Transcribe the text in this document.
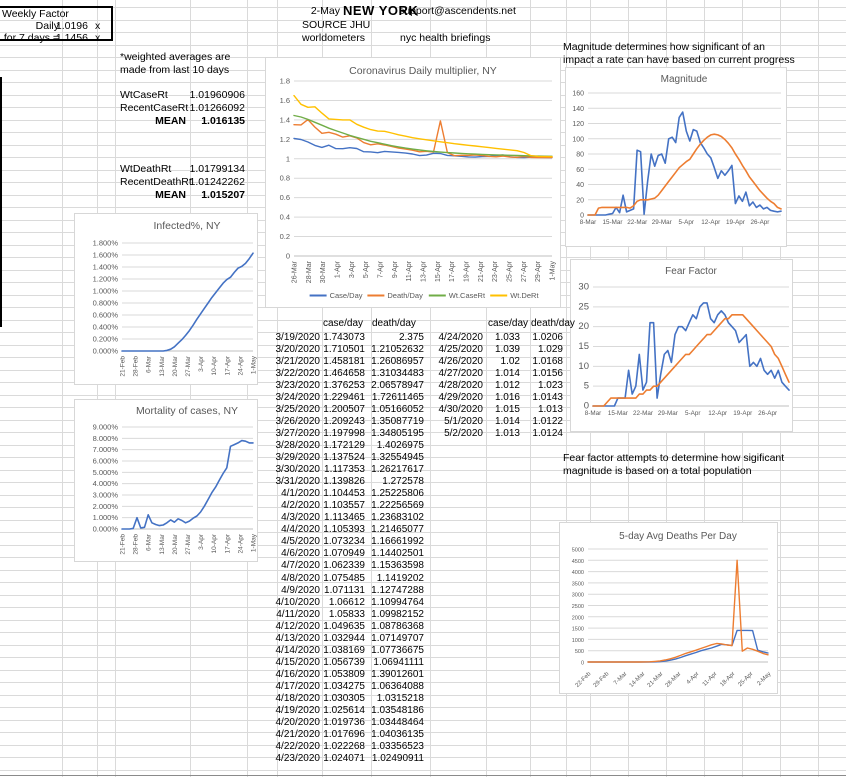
Weekly Factor
Daily
1.0196 x
for 7 days =
1.1456 x
2-May NEW YORK
support@ascendents.net
SOURCE JHU
worldometers	nyc health briefings
*weighted averages are
made from last 10 days
WtCaseRt	1.01960906
RecentCaseRt 1.01266092
MEAN	1.016135
WtDeathRt	1.01799134
RecentDeathRt
1.01242262
MEAN	1.015207
Magnitude determines how significant of an
impact a rate can have based on current progress
Fear factor attempts to determine how sigificant
magnitude is based on a total population
Coronavirus Daily multiplier, NY
0
0.2
0.4
0.6
0.8
1
1.2
1.4
1.6
1.8
26-Mar 28-Mar 30-Mar 1-Apr 3-Apr 5-Apr 7-Apr 9-Apr 11-Apr 13-Apr 15-Apr 17-Apr 19-Apr 21-Apr 23-Apr 25-Apr 27-Apr 29-Apr 1-May
Case/Day	Death/Day	Wt.CaseRt	Wt.DeRt
Infected%, NY
0.000%
0.200%
0.400%
0.600%
0.800%
1.000%
1.200%
1.400%
1.600%
1.800%
21-Feb 28-Feb 6-Mar 13-Mar 20-Mar 27-Mar 3-Apr 10-Apr 17-Apr 24-Apr 1-May
Mortality of cases, NY
0.000%
1.000%
2.000%
3.000%
4.000%
5.000%
6.000%
7.000%
8.000%
9.000%
21-Feb 28-Feb 6-Mar 13-Mar 20-Mar 27-Mar 3-Apr 10-Apr 17-Apr 24-Apr 1-May
Magnitude
0
20
40
60
80
100
120
140
160
8-Mar 15-Mar 22-Mar 29-Mar 5-Apr 12-Apr 19-Apr 26-Apr
Fear Factor
0
5
10
15
20
25
30
8-Mar 15-Mar 22-Mar 29-Mar 5-Apr 12-Apr 19-Apr 26-Apr
5-day Avg Deaths Per Day
0
500
1000
1500
2000
2500
3000
3500
4000
4500
5000
22-Feb 29-Feb 7-Mar 14-Mar 21-Mar 28-Mar 4-Apr 11-Apr 18-Apr 25-Apr 2-May
case/day death/day
3/19/2020 1.743073	2.375
3/20/2020 1.710501 1.21052632
3/21/2020 1.458181 1.26086957
3/22/2020 1.464658 1.31034483
3/23/2020 1.376253 2.06578947
3/24/2020 1.229461 1.72611465
3/25/2020 1.200507 1.05166052
3/26/2020 1.209243 1.35087719
3/27/2020 1.197998 1.34805195
3/28/2020 1.172129	1.4026975
3/29/2020 1.137524 1.32554945
3/30/2020 1.117353 1.26217617
3/31/2020 1.139826	1.272578
4/1/2020 1.104453 1.25225806
4/2/2020 1.103557 1.22256569
4/3/2020 1.113465 1.23683102
4/4/2020 1.105393 1.21465077
4/5/2020 1.073234 1.16661992
4/6/2020 1.070949 1.14402501
4/7/2020 1.062339 1.15363598
4/8/2020 1.075485	1.1419202
4/9/2020 1.071131 1.12747288
4/10/2020 1.06612 1.10994764
4/11/2020 1.05833 1.09982152
4/12/2020 1.049635 1.08786368
4/13/2020 1.032944 1.07149707
4/14/2020 1.038169 1.07736675
4/15/2020 1.056739 1.06941111
4/16/2020 1.053809 1.39012601
4/17/2020 1.034275 1.06364088
4/18/2020 1.030305	1.0315218
4/19/2020 1.025614 1.03548186
4/20/2020 1.019736 1.03448464
4/21/2020 1.017696 1.04036135
4/22/2020 1.022268 1.03356523
4/23/2020 1.024071 1.02490911
case/day death/day
4/24/2020	1.033	1.0206
4/25/2020	1.039	1.029
4/26/2020	1.02	1.0168
4/27/2020	1.014	1.0156
4/28/2020	1.012	1.023
4/29/2020	1.016	1.0143
4/30/2020	1.015	1.013
5/1/2020	1.014	1.0122
5/2/2020	1.013	1.0124
